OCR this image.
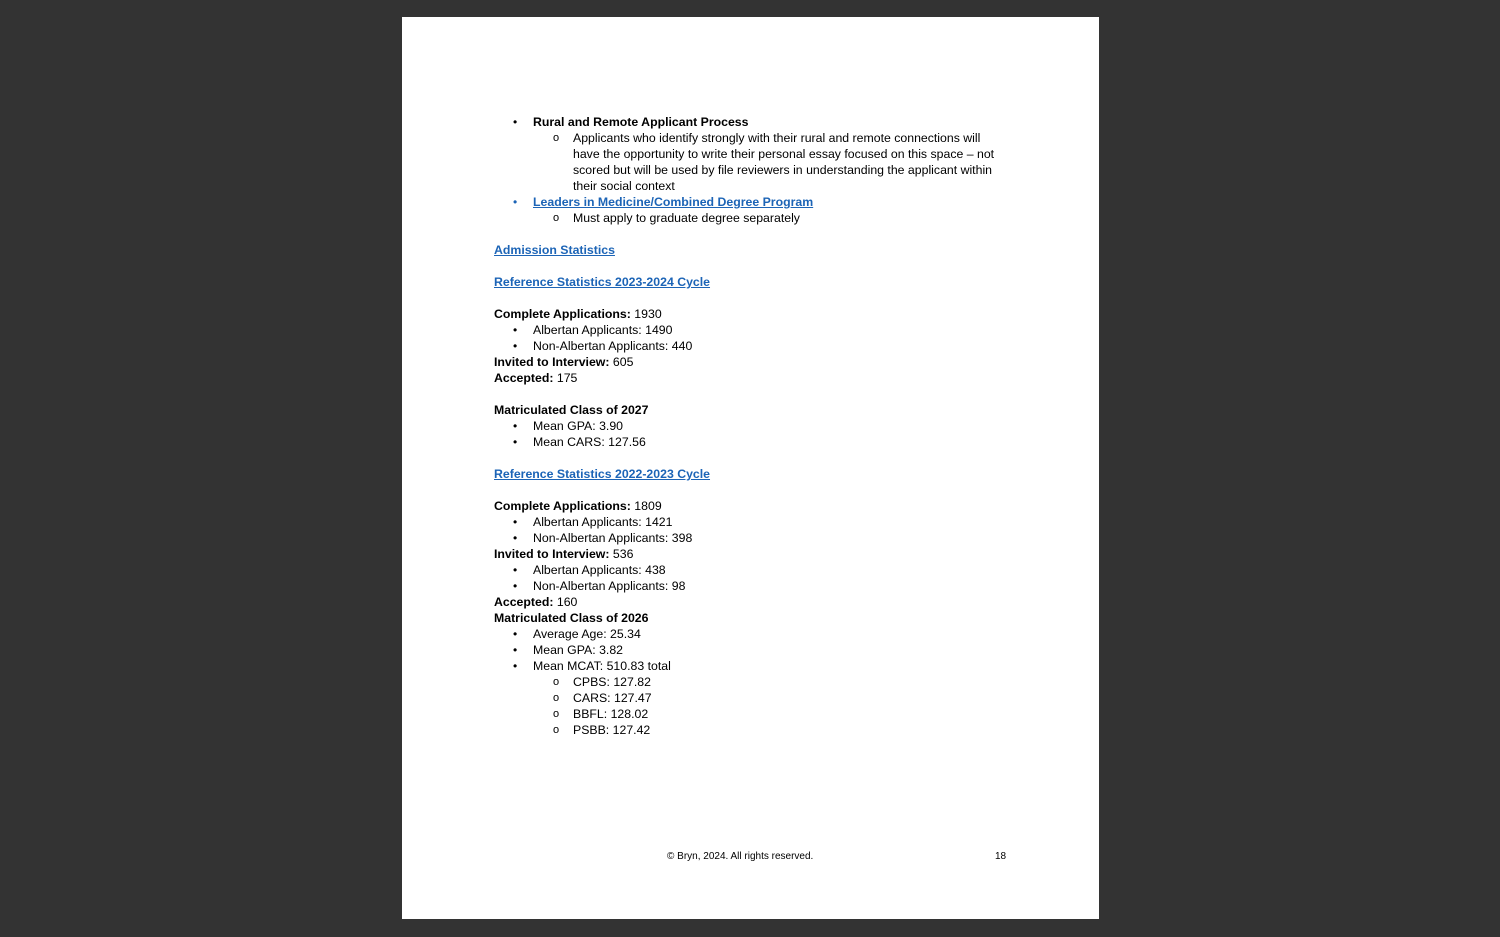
• Rural and Remote Applicant Process
o Applicants who identify strongly with their rural and remote connections will
have the opportunity to write their personal essay focused on this space – not
scored but will be used by file reviewers in understanding the applicant within
their social context
• Leaders in Medicine/Combined Degree Program
o Must apply to graduate degree separately
Admission Statistics
Reference Statistics 2023-2024 Cycle
Complete Applications: 1930
• Albertan Applicants: 1490
• Non-Albertan Applicants: 440
Invited to Interview: 605
Accepted: 175
Matriculated Class of 2027
• Mean GPA: 3.90
• Mean CARS: 127.56
Reference Statistics 2022-2023 Cycle
Complete Applications: 1809
• Albertan Applicants: 1421
• Non-Albertan Applicants: 398
Invited to Interview: 536
• Albertan Applicants: 438
• Non-Albertan Applicants: 98
Accepted: 160
Matriculated Class of 2026
• Average Age: 25.34
• Mean GPA: 3.82
• Mean MCAT: 510.83 total
o CPBS: 127.82
o CARS: 127.47
o BBFL: 128.02
o PSBB: 127.42
© Bryn, 2024. All rights reserved.	18
